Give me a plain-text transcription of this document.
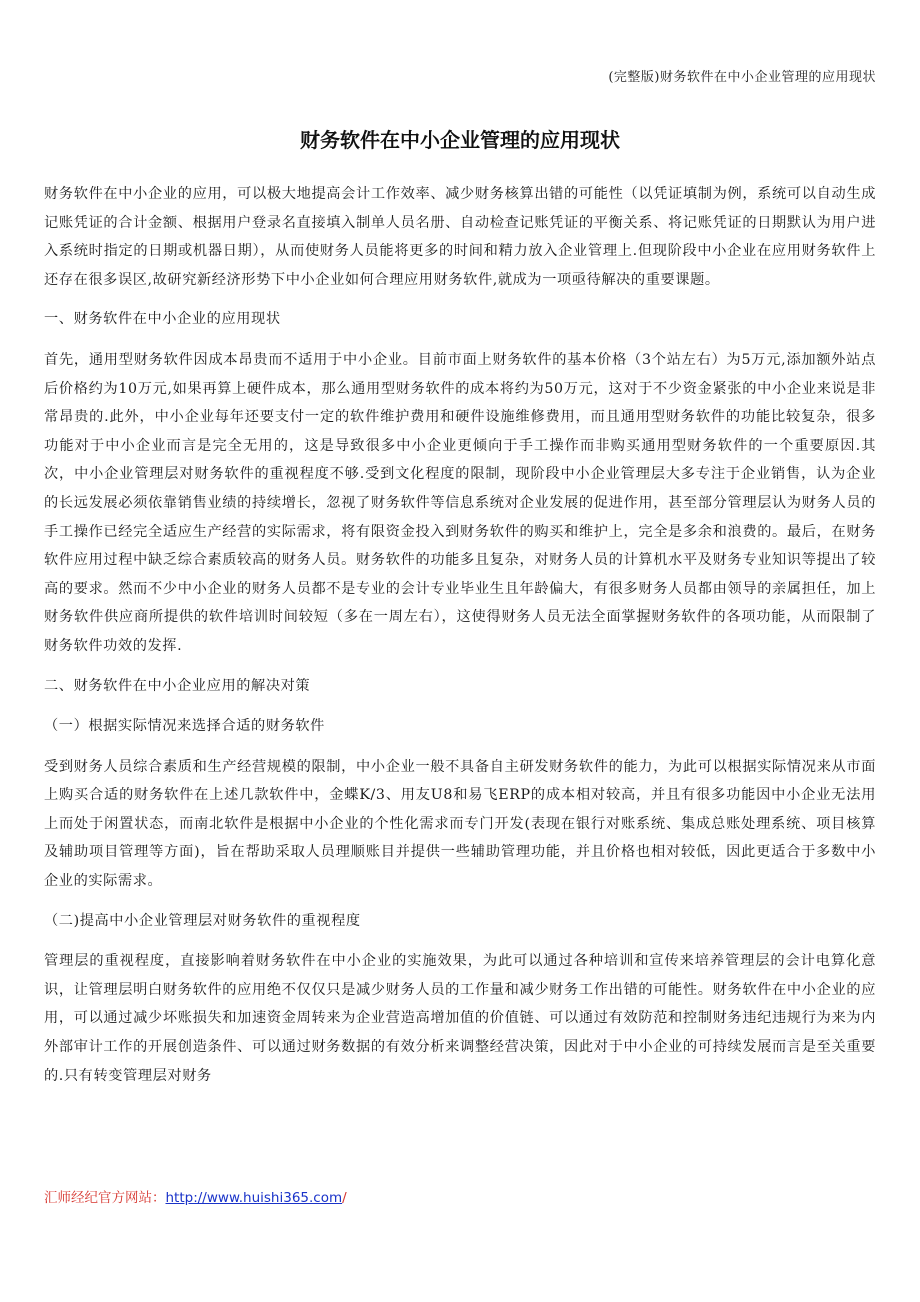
(完整版)财务软件在中小企业管理的应用现状
财务软件在中小企业管理的应用现状

财务软件在中小企业的应用，可以极大地提高会计工作效率、减少财务核算出错的可能性（以凭证填制为例，系统可以自动生成记账凭证的合计金额、根据用户登录名直接填入制单人员名册、自动检查记账凭证的平衡关系、将记账凭证的日期默认为用户进入系统时指定的日期或机器日期），从而使财务人员能将更多的时间和精力放入企业管理上.但现阶段中小企业在应用财务软件上还存在很多误区,故研究新经济形势下中小企业如何合理应用财务软件,就成为一项亟待解决的重要课题。

一、财务软件在中小企业的应用现状

首先，通用型财务软件因成本昂贵而不适用于中小企业。目前市面上财务软件的基本价格（3个站左右）为5万元,添加额外站点后价格约为10万元,如果再算上硬件成本，那么通用型财务软件的成本将约为50万元，这对于不少资金紧张的中小企业来说是非常昂贵的.此外，中小企业每年还要支付一定的软件维护费用和硬件设施维修费用，而且通用型财务软件的功能比较复杂，很多功能对于中小企业而言是完全无用的，这是导致很多中小企业更倾向于手工操作而非购买通用型财务软件的一个重要原因.其次，中小企业管理层对财务软件的重视程度不够.受到文化程度的限制，现阶段中小企业管理层大多专注于企业销售，认为企业的长远发展必须依靠销售业绩的持续增长，忽视了财务软件等信息系统对企业发展的促进作用，甚至部分管理层认为财务人员的手工操作已经完全适应生产经营的实际需求，将有限资金投入到财务软件的购买和维护上，完全是多余和浪费的。最后，在财务软件应用过程中缺乏综合素质较高的财务人员。财务软件的功能多且复杂，对财务人员的计算机水平及财务专业知识等提出了较高的要求。然而不少中小企业的财务人员都不是专业的会计专业毕业生且年龄偏大，有很多财务人员都由领导的亲属担任，加上财务软件供应商所提供的软件培训时间较短（多在一周左右），这使得财务人员无法全面掌握财务软件的各项功能，从而限制了财务软件功效的发挥.

二、财务软件在中小企业应用的解决对策

（一）根据实际情况来选择合适的财务软件

受到财务人员综合素质和生产经营规模的限制，中小企业一般不具备自主研发财务软件的能力，为此可以根据实际情况来从市面上购买合适的财务软件在上述几款软件中，金蝶K/3、用友U8和易飞ERP的成本相对较高，并且有很多功能因中小企业无法用上而处于闲置状态，而南北软件是根据中小企业的个性化需求而专门开发(表现在银行对账系统、集成总账处理系统、项目核算及辅助项目管理等方面)，旨在帮助采取人员理顺账目并提供一些辅助管理功能，并且价格也相对较低，因此更适合于多数中小企业的实际需求。

（二)提高中小企业管理层对财务软件的重视程度

管理层的重视程度，直接影响着财务软件在中小企业的实施效果，为此可以通过各种培训和宣传来培养管理层的会计电算化意识，让管理层明白财务软件的应用绝不仅仅只是减少财务人员的工作量和减少财务工作出错的可能性。财务软件在中小企业的应用，可以通过减少坏账损失和加速资金周转来为企业营造高增加值的价值链、可以通过有效防范和控制财务违纪违规行为来为内外部审计工作的开展创造条件、可以通过财务数据的有效分析来调整经营决策，因此对于中小企业的可持续发展而言是至关重要的.只有转变管理层对财务

汇师经纪官方网站：http://www.huishi365.com/
